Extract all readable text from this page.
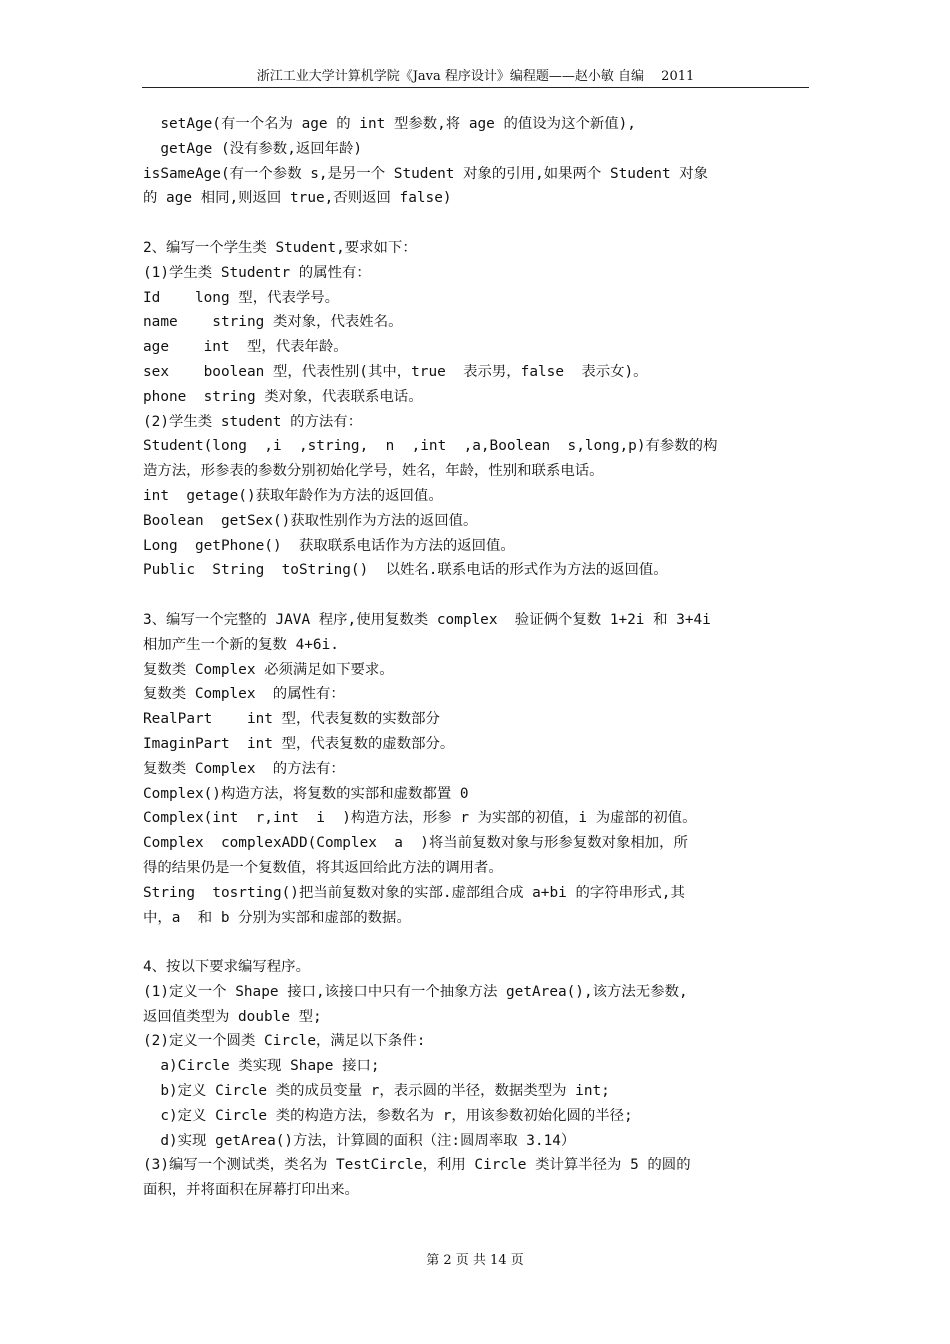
浙江工业大学计算机学院《Java 程序设计》编程题——赵小敏 自编　 2011
setAge(有一个名为 age 的 int 型参数,将 age 的值设为这个新值),
getAge (没有参数,返回年龄)
isSameAge(有一个参数 s,是另一个 Student 对象的引用,如果两个 Student 对象
的 age 相同,则返回 true,否则返回 false)
2、编写一个学生类 Student,要求如下：
(1)学生类 Studentr 的属性有：
Id    long 型，代表学号。
name    string 类对象，代表姓名。
age    int  型，代表年龄。
sex    boolean 型，代表性别(其中，true  表示男，false  表示女)。
phone  string 类对象，代表联系电话。
(2)学生类 student 的方法有：
Student(long  ,i  ,string,  n  ,int  ,a,Boolean  s,long,p)有参数的构
造方法，形参表的参数分别初始化学号，姓名，年龄，性别和联系电话。
int  getage()获取年龄作为方法的返回值。
Boolean  getSex()获取性别作为方法的返回值。
Long  getPhone()  获取联系电话作为方法的返回值。
Public  String  toString()  以姓名.联系电话的形式作为方法的返回值。
3、编写一个完整的 JAVA 程序,使用复数类 complex  验证俩个复数 1+2i 和 3+4i
相加产生一个新的复数 4+6i.
复数类 Complex 必须满足如下要求。
复数类 Complex  的属性有：
RealPart    int 型，代表复数的实数部分
ImaginPart  int 型，代表复数的虚数部分。
复数类 Complex  的方法有：
Complex()构造方法，将复数的实部和虚数都置 0
Complex(int  r,int  i  )构造方法，形参 r 为实部的初值，i 为虚部的初值。
Complex  complexADD(Complex  a  )将当前复数对象与形参复数对象相加，所
得的结果仍是一个复数值，将其返回给此方法的调用者。
String  tosrting()把当前复数对象的实部.虚部组合成 a+bi 的字符串形式,其
中，a  和 b 分别为实部和虚部的数据。
4、按以下要求编写程序。
(1)定义一个 Shape 接口,该接口中只有一个抽象方法 getArea(),该方法无参数,
返回值类型为 double 型;
(2)定义一个圆类 Circle，满足以下条件:
a)Circle 类实现 Shape 接口;
b)定义 Circle 类的成员变量 r，表示圆的半径，数据类型为 int;
c)定义 Circle 类的构造方法，参数名为 r，用该参数初始化圆的半径;
d)实现 getArea()方法，计算圆的面积（注:圆周率取 3.14）
(3)编写一个测试类，类名为 TestCircle，利用 Circle 类计算半径为 5 的圆的
面积，并将面积在屏幕打印出来。
第 2 页 共 14 页
